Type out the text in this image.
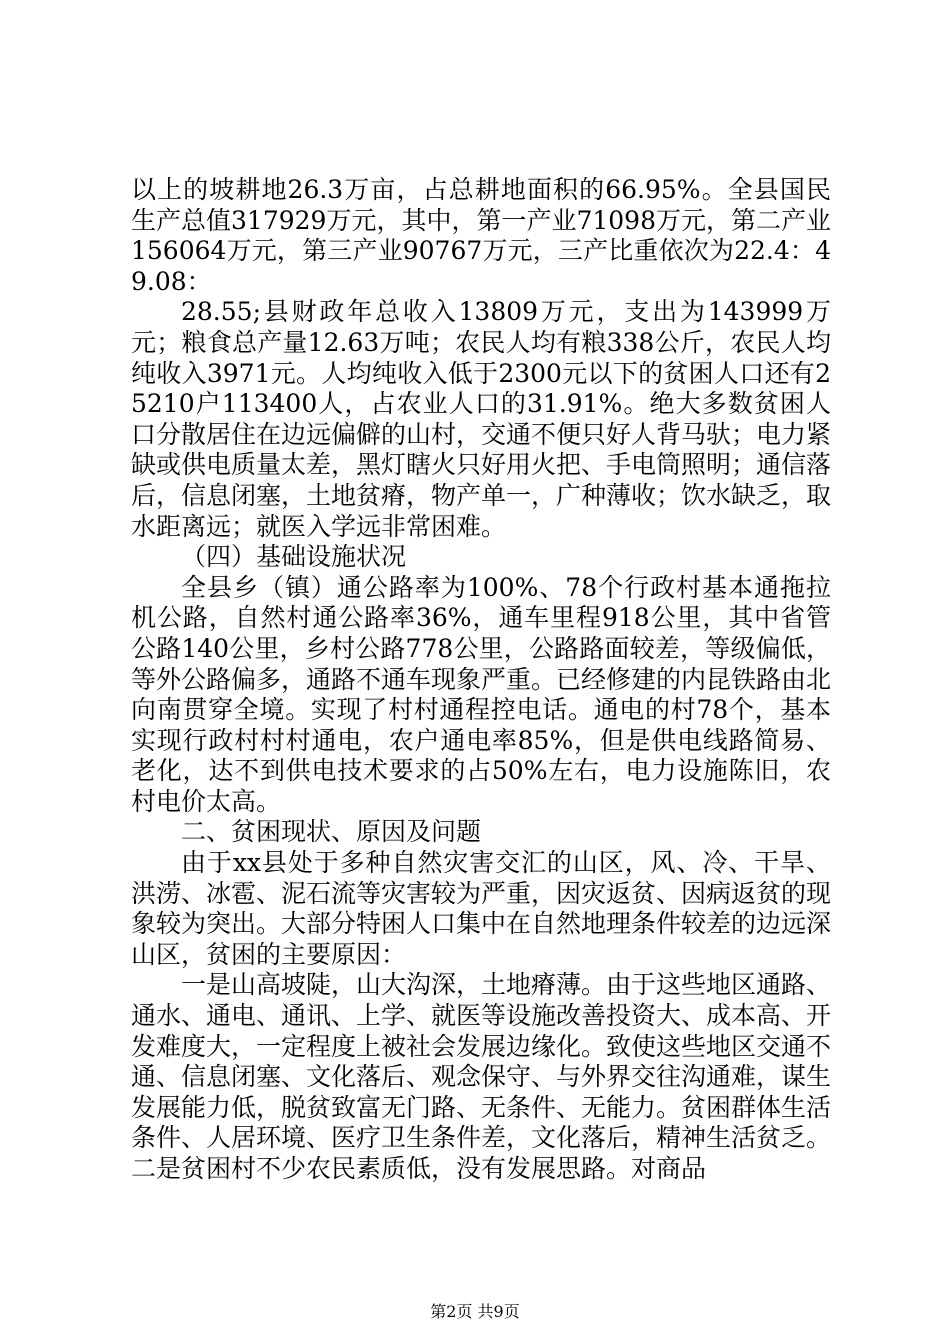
以上的坡耕地26.3万亩，占总耕地面积的66.95%。全县国民生产总值317929万元，其中，第一产业71098万元，第二产业156064万元，第三产业90767万元，三产比重依次为22.4：49.08：

28.55;县财政年总收入13809万元，支出为143999万元；粮食总产量12.63万吨；农民人均有粮338公斤，农民人均纯收入3971元。人均纯收入低于2300元以下的贫困人口还有25210户113400人，占农业人口的31.91%。绝大多数贫困人口分散居住在边远偏僻的山村，交通不便只好人背马驮；电力紧缺或供电质量太差，黑灯瞎火只好用火把、手电筒照明；通信落后，信息闭塞，土地贫瘠，物产单一，广种薄收；饮水缺乏，取水距离远；就医入学远非常困难。

（四）基础设施状况

全县乡（镇）通公路率为100%、78个行政村基本通拖拉机公路，自然村通公路率36%，通车里程918公里，其中省管公路140公里，乡村公路778公里，公路路面较差，等级偏低，等外公路偏多，通路不通车现象严重。已经修建的内昆铁路由北向南贯穿全境。实现了村村通程控电话。通电的村78个，基本实现行政村村村通电，农户通电率85%，但是供电线路简易、老化，达不到供电技术要求的占50%左右，电力设施陈旧，农村电价太高。

二、贫困现状、原因及问题

由于xx县处于多种自然灾害交汇的山区，风、冷、干旱、洪涝、冰雹、泥石流等灾害较为严重，因灾返贫、因病返贫的现象较为突出。大部分特困人口集中在自然地理条件较差的边远深山区，贫困的主要原因：

一是山高坡陡，山大沟深，土地瘠薄。由于这些地区通路、通水、通电、通讯、上学、就医等设施改善投资大、成本高、开发难度大，一定程度上被社会发展边缘化。致使这些地区交通不通、信息闭塞、文化落后、观念保守、与外界交往沟通难，谋生发展能力低，脱贫致富无门路、无条件、无能力。贫困群体生活条件、人居环境、医疗卫生条件差，文化落后，精神生活贫乏。二是贫困村不少农民素质低，没有发展思路。对商品

第2页 共9页
